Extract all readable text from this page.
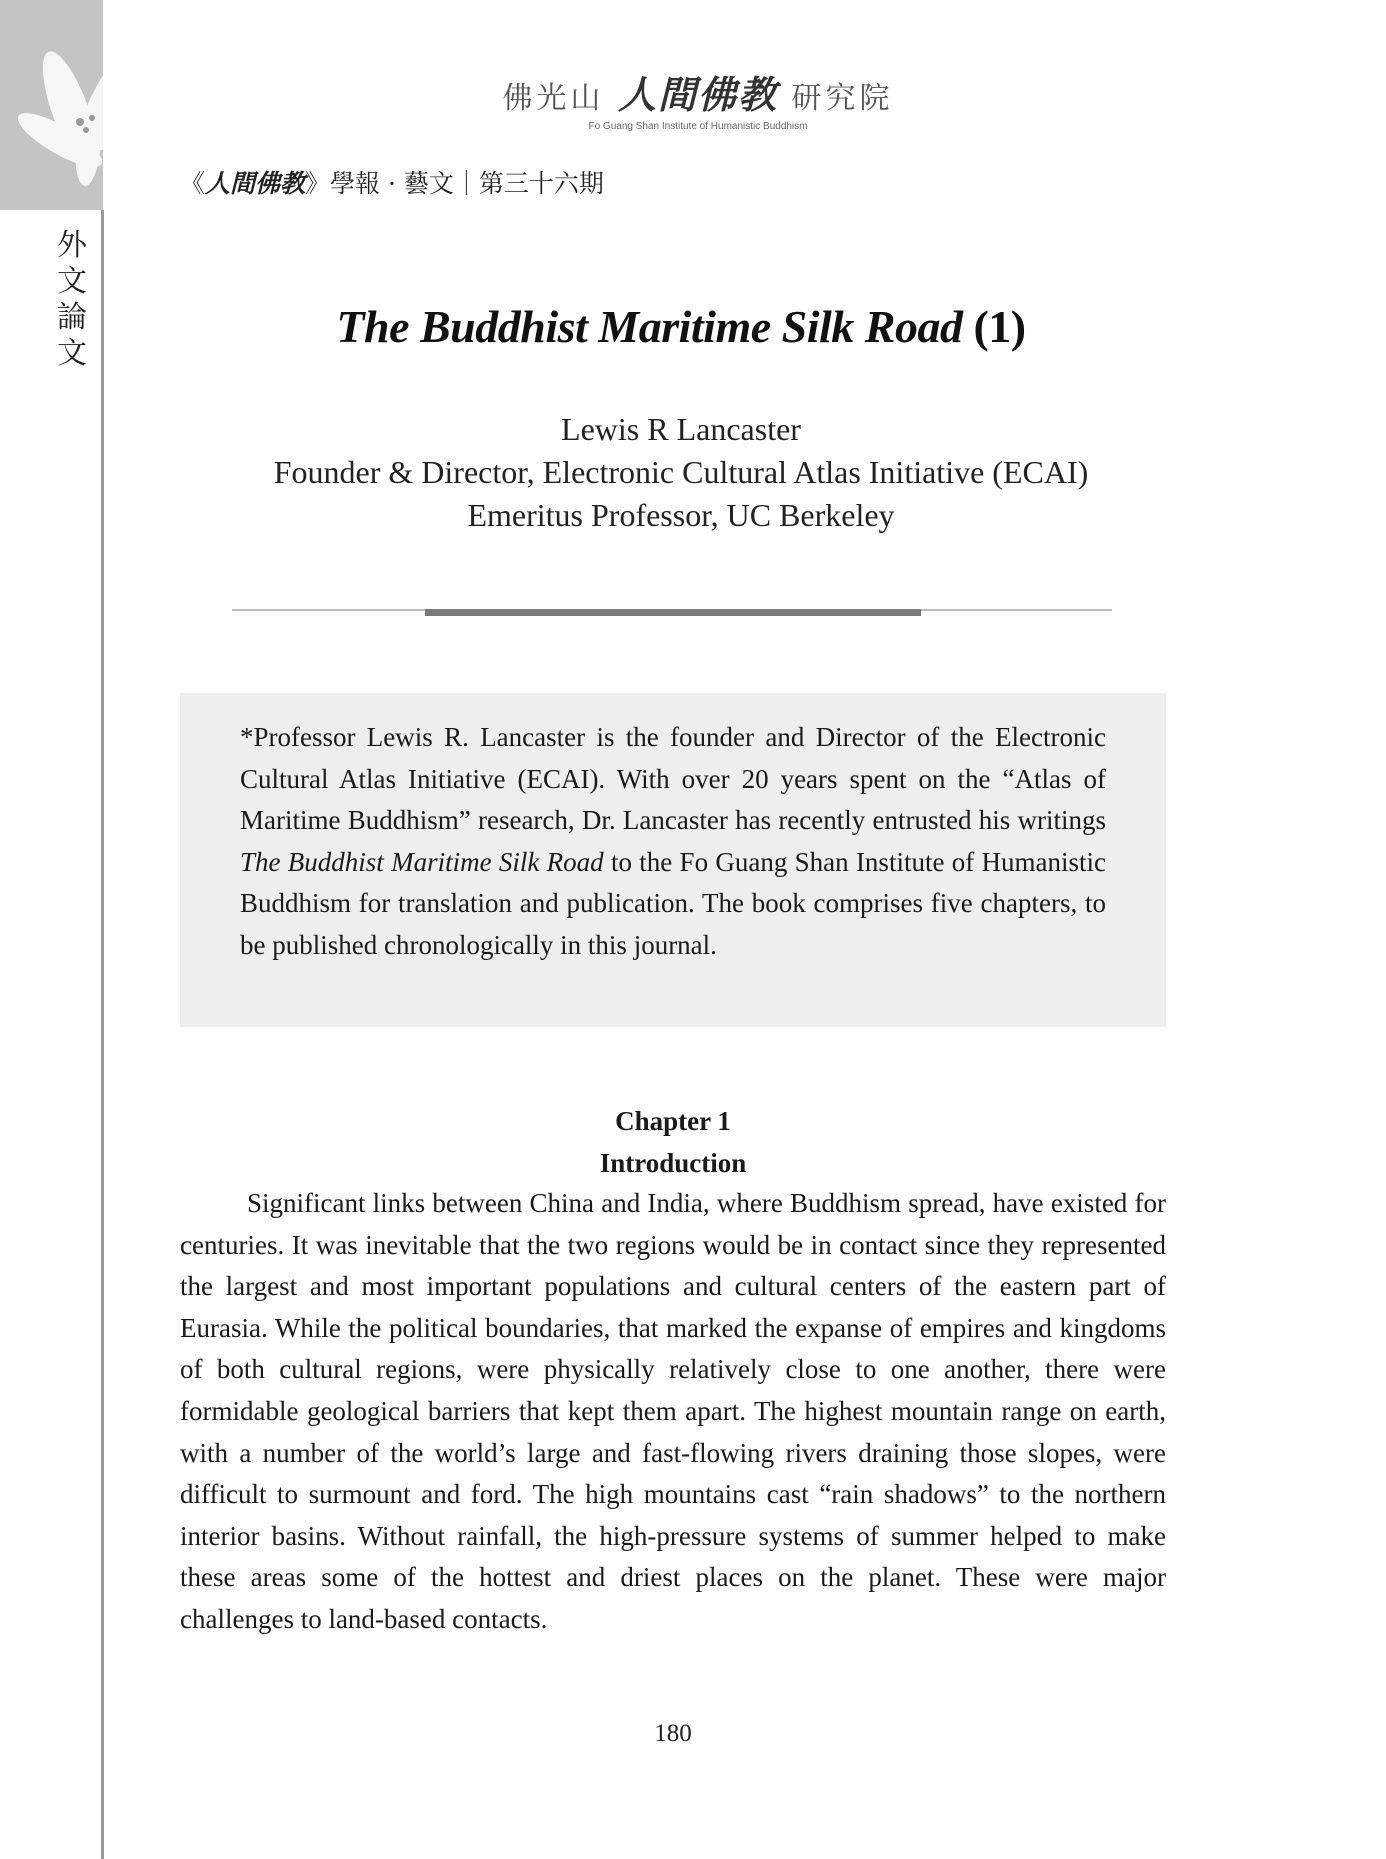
外
文
論
文
佛光山 人間佛教 研究院
Fo Guang Shan Institute of Humanistic Buddhism
《人間佛教》學報 · 藝文｜第三十六期
The Buddhist Maritime Silk Road (1)
Lewis R Lancaster
Founder & Director, Electronic Cultural Atlas Initiative (ECAI)
Emeritus Professor, UC Berkeley

*Professor Lewis R. Lancaster is the founder and Director of the Electronic Cultural Atlas Initiative (ECAI). With over 20 years spent on the “Atlas of Maritime Buddhism” research, Dr. Lancaster has recently entrusted his writings The Buddhist Maritime Silk Road to the Fo Guang Shan Institute of Humanistic Buddhism for translation and publication. The book comprises five chapters, to be published chronologically in this journal.

Chapter 1
Introduction

Significant links between China and India, where Buddhism spread, have existed for centuries. It was inevitable that the two regions would be in contact since they represented the largest and most important populations and cultural centers of the eastern part of Eurasia. While the political boundaries, that marked the expanse of empires and kingdoms of both cultural regions, were physically relatively close to one another, there were formidable geological barriers that kept them apart. The highest mountain range on earth, with a number of the world’s large and fast-flowing rivers draining those slopes, were difficult to surmount and ford. The high mountains cast “rain shadows” to the northern interior basins. Without rainfall, the high-pressure systems of summer helped to make these areas some of the hottest and driest places on the planet. These were major challenges to land-based contacts.

180
